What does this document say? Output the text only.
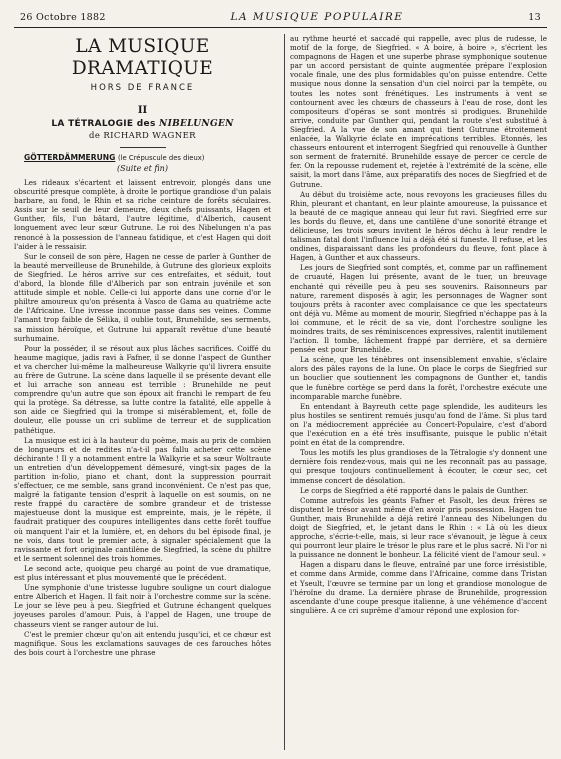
26 Octobre 1882	LA MUSIQUE POPULAIRE	13
LA MUSIQUE DRAMATIQUE
HORS DE FRANCE
II
LA TÉTRALOGIE des NIBELUNGEN
de RICHARD WAGNER
GÖTTERDÄMMERUNG (le Crépuscule des dieux)
(Suite et fin)

Les rideaux s'écartent et laissent entrevoir, plongés dans une obscurité presque complète, à droite le portique grandiose d'un palais barbare, au fond, le Rhin et sa riche ceinture de forêts séculaires. Assis sur le seuil de leur demeure, deux chefs puissants, Hagen et Gunther, fils, l'un bâtard, l'autre légitime, d'Alberich, causent longuement avec leur sœur Gutrune. Le roi des Nibelungen n'a pas renoncé à la possession de l'anneau fatidique, et c'est Hagen qui doit l'aider à le ressaisir.

Sur le conseil de son père, Hagen ne cesse de parler à Gunther de la beauté merveilleuse de Brunehilde, à Gutrune des glorieux exploits de Siegfried. Le héros arrive sur ces entrefaites, et séduit, tout d'abord, la blonde fille d'Alberich par son entrain juvénile et son attitude simple et noble. Celle-ci lui apporte dans une corne d'or le philtre amoureux qu'on présenta à Vasco de Gama au quatrième acte de l'Africaine. Une ivresse inconnue passe dans ses veines. Comme l'amant trop faible de Sélika, il oublie tout, Brunehilde, ses serments, sa mission héroïque, et Gutrune lui apparaît revêtue d'une beauté surhumaine.

Pour la posséder, il se résout aux plus lâches sacrifices. Coiffé du heaume magique, jadis ravi à Fafner, il se donne l'aspect de Gunther et va chercher lui-même la malheureuse Walkyrie qu'il livrera ensuite au frère de Gutrune. La scène dans laquelle il se présente devant elle et lui arrache son anneau est terrible : Brunehilde ne peut comprendre qu'un autre que son époux ait franchi le rempart de feu qui la protège. Sa détresse, sa lutte contre la fatalité, elle appelle à son aide ce Siegfried qui la trompe si misérablement, et, folle de douleur, elle pousse un cri sublime de terreur et de supplication pathétique.

La musique est ici à la hauteur du poème, mais au prix de combien de longueurs et de redites n'a-t-il pas fallu acheter cette scène déchirante ! Il y a notamment entre la Walkyrie et sa sœur Woltraute un entretien d'un développement démesuré, vingt-six pages de la partition in-folio, piano et chant, dont la suppression pourrait s'effectuer, ce me semble, sans grand inconvénient. Ce n'est pas que, malgré la fatigante tension d'esprit à laquelle on est soumis, on ne reste frappé du caractère de sombre grandeur et de tristesse majestueuse dont la musique est empreinte, mais, je le répète, il faudrait pratiquer des coupures intelligentes dans cette forêt touffue où manquent l'air et la lumière, et, en dehors du bel épisode final, je ne vois, dans tout le premier acte, à signaler spécialement que la ravissante et fort originale cantilène de Siegfried, la scène du philtre et le serment solennel des trois hommes.

Le second acte, quoique peu chargé au point de vue dramatique, est plus intéressant et plus mouvementé que le précédent.

Une symphonie d'une tristesse lugubre souligne un court dialogue entre Alberich et Hagen. Il fait noir à l'orchestre comme sur la scène. Le jour se lève peu à peu. Siegfried et Gutrune échangent quelques joyeuses paroles d'amour. Puis, à l'appel de Hagen, une troupe de chasseurs vient se ranger autour de lui.

C'est le premier chœur qu'on ait entendu jusqu'ici, et ce chœur est magnifique. Sous les exclamations sauvages de ces farouches hôtes des bois court à l'orchestre une phrase

au rythme heurté et saccadé qui rappelle, avec plus de rudesse, le motif de la forge, de Siegfried. « A boire, à boire », s'écrient les compagnons de Hagen et une superbe phrase symphonique soutenue par un accord persistant de quinte augmentée prépare l'explosion vocale finale, une des plus formidables qu'on puisse entendre. Cette musique nous donne la sensation d'un ciel noirci par la tempête, ou toutes les notes sont frénétiques. Les instruments à vent se contournent avec les chœurs de chasseurs à l'eau de rose, dont les compositeurs d'opéras se sont montrés si prodigues. Brunehilde arrive, conduite par Gunther qui, pendant la route s'est substitué à Siegfried. A la vue de son amant qui tient Gutrune étroitement enlacée, la Walkyrie éclate en imprécations terribles. Etonnés, les chasseurs entourent et interrogent Siegfried qui renouvelle à Gunther son serment de fraternité. Brunehilde essaye de percer ce cercle de fer. On la repousse rudement et, rejetée à l'extrémité de la scène, elle saisit, la mort dans l'âme, aux préparatifs des noces de Siegfried et de Gutrune.

Au début du troisième acte, nous revoyons les gracieuses filles du Rhin, pleurant et chantant, en leur plainte amoureuse, la puissance et la beauté de ce magique anneau qui leur fut ravi. Siegfried erre sur les bords du fleuve, et, dans une cantilène d'une sonorité étrange et délicieuse, les trois sœurs invitent le héros déchu à leur rendre le talisman fatal dont l'influence lui a déjà été si funeste. Il refuse, et les ondines, disparaissant dans les profondeurs du fleuve, font place à Hagen, à Gunther et aux chasseurs.

Les jours de Siegfried sont comptés, et, comme par un raffinement de cruauté, Hagen lui présente, avant de le tuer, un breuvage enchanté qui réveille peu à peu ses souvenirs. Raisonneurs par nature, rarement disposés à agir, les personnages de Wagner sont toujours prêts à raconter avec complaisance ce que les spectateurs ont déjà vu. Même au moment de mourir, Siegfried n'échappe pas à la loi commune, et le récit de sa vie, dont l'orchestre souligne les moindres traits, de ses réminiscences expressives, ralentit inutilement l'action. Il tombe, lâchement frappé par derrière, et sa dernière pensée est pour Brunehilde.

La scène, que les ténèbres ont insensiblement envahie, s'éclaire alors des pâles rayons de la lune. On place le corps de Siegfried sur un bouclier que soutiennent les compagnons de Gunther et, tandis que le funèbre cortège se perd dans la forêt, l'orchestre exécute une incomparable marche funèbre.

En entendant à Bayreuth cette page splendide, les auditeurs les plus hostiles se sentirent remués jusqu'au fond de l'âme. Si plus tard on l'a médiocrement appréciée au Concert-Populaire, c'est d'abord que l'exécution en a été très insuffisante, puisque le public n'était point en état de la comprendre.

Tous les motifs les plus grandioses de la Tétralogie s'y donnent une dernière fois rendez-vous, mais qui ne les reconnaît pas au passage, qui presque toujours continuellement à écouter, le cœur sec, cet immense concert de désolation.

Le corps de Siegfried a été rapporté dans le palais de Gunther.

Comme autrefois les géants Fafner et Fasolt, les deux frères se disputent le trésor avant même d'en avoir pris possession. Hagen tue Gunther, mais Brunehilde a déjà retiré l'anneau des Nibelungen du doigt de Siegfried, et, le jetant dans le Rhin : « Là où les dieux approche, s'écrie-t-elle, mais, si leur race s'évanouit, je lègue à ceux qui pourront leur plaire le trésor le plus rare et le plus sacré. Ni l'or ni la puissance ne donnent le bonheur. La félicité vient de l'amour seul. »

Hagen a disparu dans le fleuve, entraîné par une force irrésistible, et comme dans Armide, comme dans l'Africaine, comme dans Tristan et Yseult, l'œuvre se termine par un long et grandiose monologue de l'héroïne du drame. La dernière phrase de Brunehilde, progression ascendante d'une coupe presque italienne, à une véhémence d'accent singulière. A ce cri suprême d'amour répond une explosion for-
